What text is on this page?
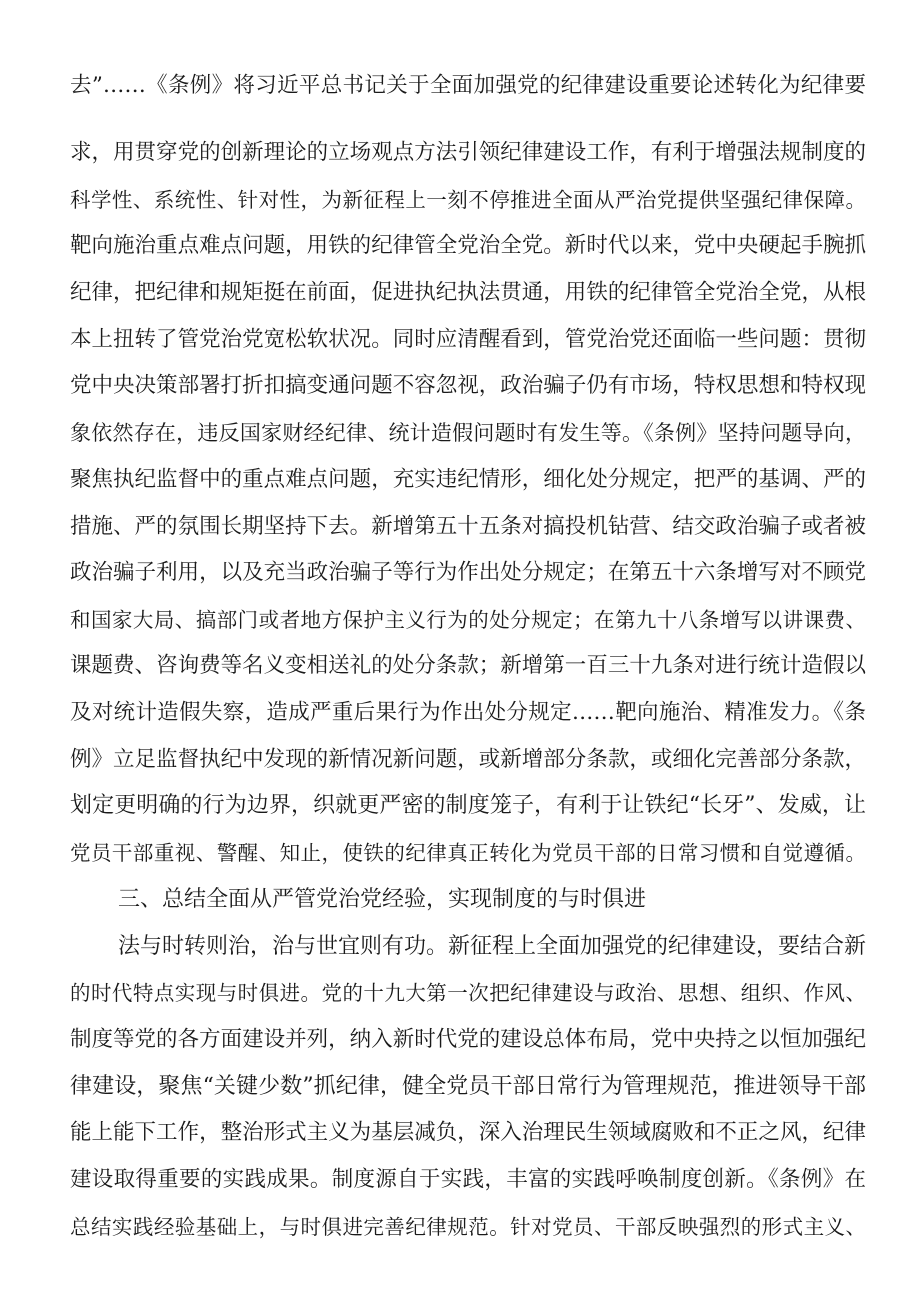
去”……《条例》将习近平总书记关于全面加强党的纪律建设重要论述转化为纪律要
求，用贯穿党的创新理论的立场观点方法引领纪律建设工作，有利于增强法规制度的
科学性、系统性、针对性，为新征程上一刻不停推进全面从严治党提供坚强纪律保障。
靶向施治重点难点问题，用铁的纪律管全党治全党。新时代以来，党中央硬起手腕抓
纪律，把纪律和规矩挺在前面，促进执纪执法贯通，用铁的纪律管全党治全党，从根
本上扭转了管党治党宽松软状况。同时应清醒看到，管党治党还面临一些问题：贯彻
党中央决策部署打折扣搞变通问题不容忽视，政治骗子仍有市场，特权思想和特权现
象依然存在，违反国家财经纪律、统计造假问题时有发生等。《条例》坚持问题导向，
聚焦执纪监督中的重点难点问题，充实违纪情形，细化处分规定，把严的基调、严的
措施、严的氛围长期坚持下去。新增第五十五条对搞投机钻营、结交政治骗子或者被
政治骗子利用，以及充当政治骗子等行为作出处分规定；在第五十六条增写对不顾党
和国家大局、搞部门或者地方保护主义行为的处分规定；在第九十八条增写以讲课费、
课题费、咨询费等名义变相送礼的处分条款；新增第一百三十九条对进行统计造假以
及对统计造假失察，造成严重后果行为作出处分规定……靶向施治、精准发力。《条
例》立足监督执纪中发现的新情况新问题，或新增部分条款，或细化完善部分条款，
划定更明确的行为边界，织就更严密的制度笼子，有利于让铁纪“长牙”、发威，让
党员干部重视、警醒、知止，使铁的纪律真正转化为党员干部的日常习惯和自觉遵循。
三、总结全面从严管党治党经验，实现制度的与时俱进
法与时转则治，治与世宜则有功。新征程上全面加强党的纪律建设，要结合新
的时代特点实现与时俱进。党的十九大第一次把纪律建设与政治、思想、组织、作风、
制度等党的各方面建设并列，纳入新时代党的建设总体布局，党中央持之以恒加强纪
律建设，聚焦“关键少数”抓纪律，健全党员干部日常行为管理规范，推进领导干部
能上能下工作，整治形式主义为基层减负，深入治理民生领域腐败和不正之风，纪律
建设取得重要的实践成果。制度源自于实践，丰富的实践呼唤制度创新。《条例》在
总结实践经验基础上，与时俱进完善纪律规范。针对党员、干部反映强烈的形式主义、
